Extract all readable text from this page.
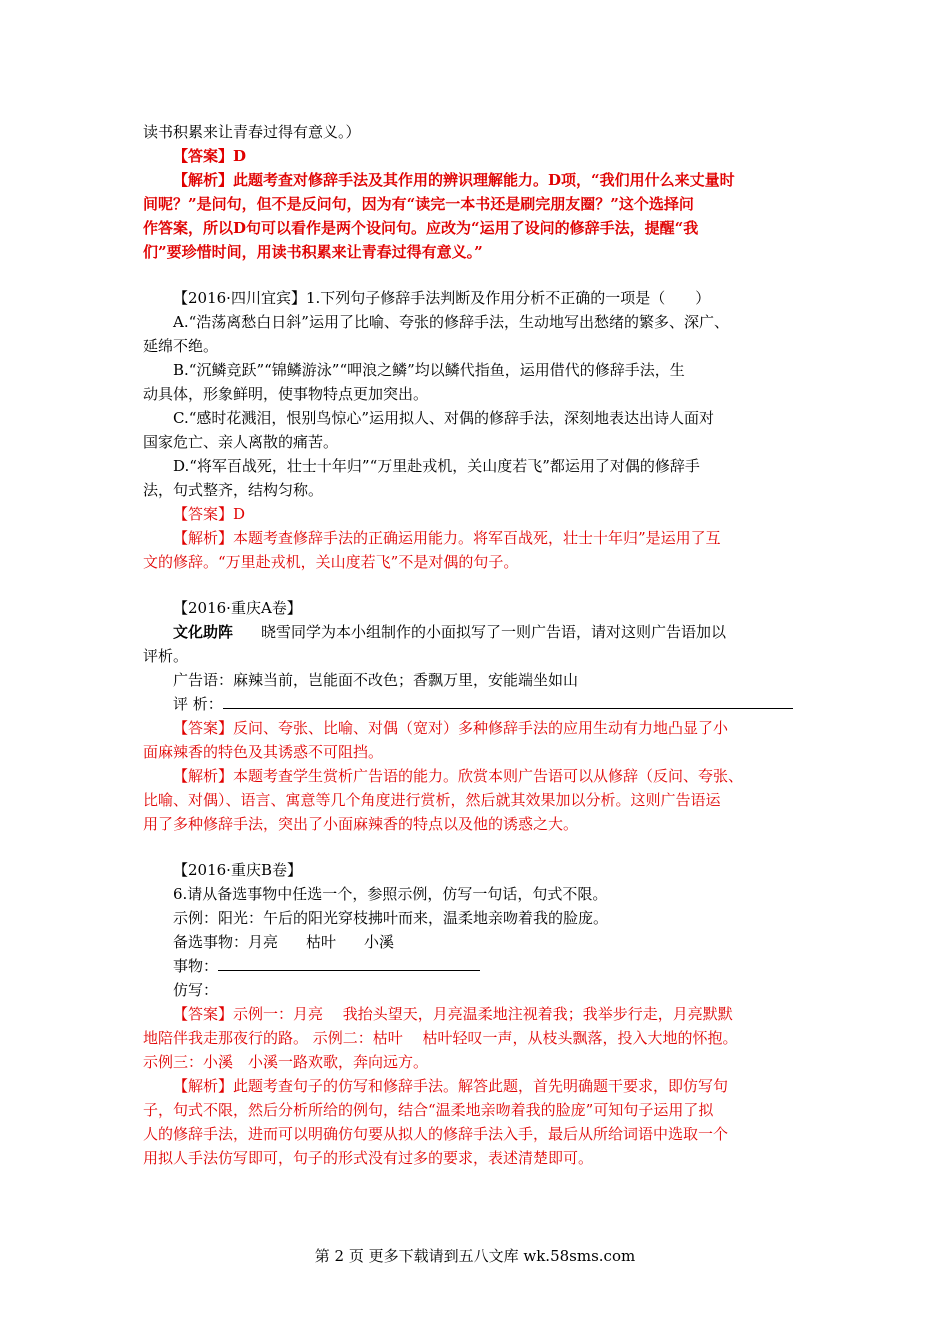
读书积累来让青春过得有意义。）
【答案】D
【解析】此题考查对修辞手法及其作用的辨识理解能力。D项，“我们用什么来丈量时
间呢？”是问句，但不是反问句，因为有“读完一本书还是刷完朋友圈？”这个选择问
作答案，所以D句可以看作是两个设问句。应改为“运用了设问的修辞手法，提醒“我
们”要珍惜时间，用读书积累来让青春过得有意义。”
【2016·四川宜宾】1.下列句子修辞手法判断及作用分析不正确的一项是（　　）
A.“浩荡离愁白日斜”运用了比喻、夸张的修辞手法，生动地写出愁绪的繁多、深广、
延绵不绝。
B.“沉鳞竞跃”“锦鳞游泳”“呷浪之鳞”均以鳞代指鱼，运用借代的修辞手法，生
动具体，形象鲜明，使事物特点更加突出。
C.“感时花溅泪，恨别鸟惊心”运用拟人、对偶的修辞手法，深刻地表达出诗人面对
国家危亡、亲人离散的痛苦。
D.“将军百战死，壮士十年归”“万里赴戎机，关山度若飞”都运用了对偶的修辞手
法，句式整齐，结构匀称。
【答案】D
【解析】本题考查修辞手法的正确运用能力。将军百战死，壮士十年归”是运用了互
文的修辞。“万里赴戎机，关山度若飞”不是对偶的句子。
【2016·重庆A卷】
文化助阵 晓雪同学为本小组制作的小面拟写了一则广告语，请对这则广告语加以
评析。
广告语：麻辣当前，岂能面不改色；香飘万里，安能端坐如山
评 析：
【答案】反问、夸张、比喻、对偶（宽对）多种修辞手法的应用生动有力地凸显了小
面麻辣香的特色及其诱惑不可阻挡。
【解析】本题考查学生赏析广告语的能力。欣赏本则广告语可以从修辞（反问、夸张、
比喻、对偶）、语言、寓意等几个角度进行赏析，然后就其效果加以分析。这则广告语运
用了多种修辞手法，突出了小面麻辣香的特点以及他的诱惑之大。
【2016·重庆B卷】
6.请从备选事物中任选一个，参照示例，仿写一句话，句式不限。
示例：阳光：午后的阳光穿枝拂叶而来，温柔地亲吻着我的脸庞。
备选事物：月亮 枯叶 小溪
事物：
仿写：
【答案】示例一：月亮　 我抬头望天，月亮温柔地注视着我；我举步行走，月亮默默
地陪伴我走那夜行的路。 示例二：枯叶　 枯叶轻叹一声，从枝头飘落，投入大地的怀抱。
示例三：小溪　小溪一路欢歌，奔向远方。
【解析】此题考查句子的仿写和修辞手法。解答此题，首先明确题干要求，即仿写句
子，句式不限，然后分析所给的例句，结合“温柔地亲吻着我的脸庞”可知句子运用了拟
人的修辞手法，进而可以明确仿句要从拟人的修辞手法入手，最后从所给词语中选取一个
用拟人手法仿写即可，句子的形式没有过多的要求，表述清楚即可。
第 2 页 更多下载请到五八文库 wk.58sms.com
